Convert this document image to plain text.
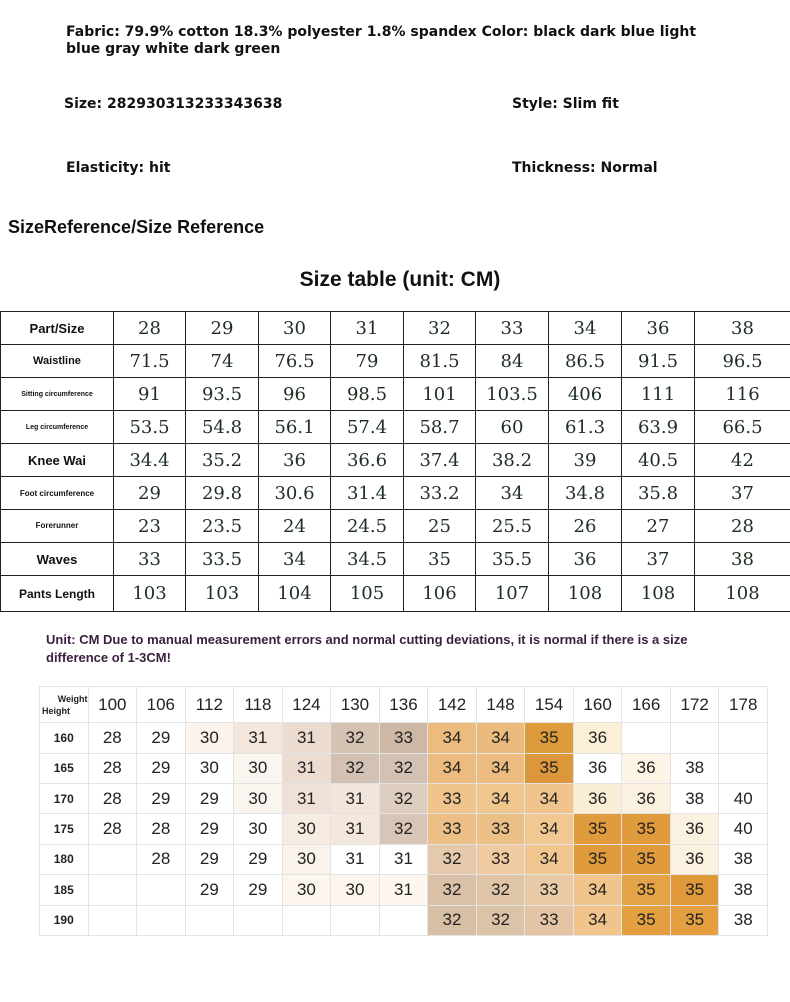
Fabric: 79.9% cotton 18.3% polyester 1.8% spandex Color: black dark blue light blue gray white dark green
Size: 282930313233343638	Style: Slim fit
Elasticity: hit	Thickness: Normal
SizeReference/Size Reference
Size table (unit: CM)
Part/Size	28	29	30	31	32	33	34	36	38
Waistline	71.5	74	76.5	79	81.5	84	86.5	91.5	96.5
Sitting circumference	91	93.5	96	98.5	101	103.5	406	111	116
Leg circumference	53.5	54.8	56.1	57.4	58.7	60	61.3	63.9	66.5
Knee Wai	34.4	35.2	36	36.6	37.4	38.2	39	40.5	42
Foot circumference	29	29.8	30.6	31.4	33.2	34	34.8	35.8	37
Forerunner	23	23.5	24	24.5	25	25.5	26	27	28
Waves	33	33.5	34	34.5	35	35.5	36	37	38
Pants Length	103	103	104	105	106	107	108	108	108
Unit: CM Due to manual measurement errors and normal cutting deviations, it is normal if there is a size difference of 1-3CM!
Weight
Height	100	106	112	118	124	130	136	142	148	154	160	166	172	178
160	28	29	30	31	31	32	33	34	34	35	36			
165	28	29	30	30	31	32	32	34	34	35	36	36	38	
170	28	29	29	30	31	31	32	33	34	34	36	36	38	40
175	28	28	29	30	30	31	32	33	33	34	35	35	36	40
180		28	29	29	30	31	31	32	33	34	35	35	36	38
185			29	29	30	30	31	32	32	33	34	35	35	38
190								32	32	33	34	35	35	38
